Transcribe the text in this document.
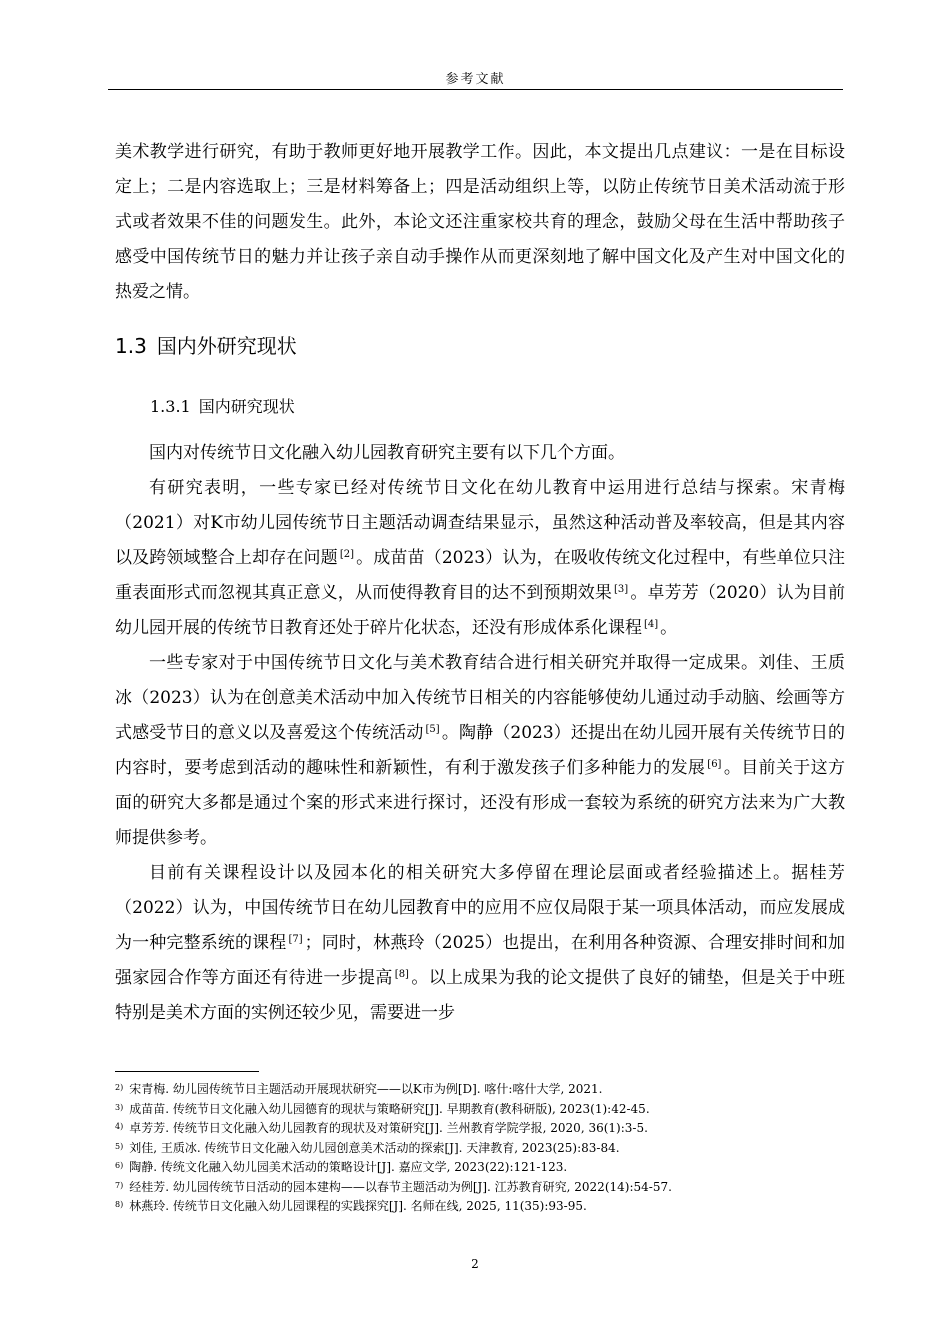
参考文献

美术教学进行研究，有助于教师更好地开展教学工作。因此，本文提出几点建议：一是在目标设定上；二是内容选取上；三是材料筹备上；四是活动组织上等，以防止传统节日美术活动流于形式或者效果不佳的问题发生。此外，本论文还注重家校共育的理念，鼓励父母在生活中帮助孩子感受中国传统节日的魅力并让孩子亲自动手操作从而更深刻地了解中国文化及产生对中国文化的热爱之情。

1.3 国内外研究现状
1.3.1 国内研究现状

国内对传统节日文化融入幼儿园教育研究主要有以下几个方面。

有研究表明，一些专家已经对传统节日文化在幼儿教育中运用进行总结与探索。宋青梅（2021）对K市幼儿园传统节日主题活动调查结果显示，虽然这种活动普及率较高，但是其内容以及跨领域整合上却存在问题 [2] 。成苗苗（2023）认为，在吸收传统文化过程中，有些单位只注重表面形式而忽视其真正意义，从而使得教育目的达不到预期效果 [3] 。卓芳芳（2020）认为目前幼儿园开展的传统节日教育还处于碎片化状态，还没有形成体系化课程 [4] 。

一些专家对于中国传统节日文化与美术教育结合进行相关研究并取得一定成果。刘佳、王质冰（2023）认为在创意美术活动中加入传统节日相关的内容能够使幼儿通过动手动脑、绘画等方式感受节日的意义以及喜爱这个传统活动 [5] 。陶静（2023）还提出在幼儿园开展有关传统节日的内容时，要考虑到活动的趣味性和新颖性，有利于激发孩子们多种能力的发展 [6] 。目前关于这方面的研究大多都是通过个案的形式来进行探讨，还没有形成一套较为系统的研究方法来为广大教师提供参考。

目前有关课程设计以及园本化的相关研究大多停留在理论层面或者经验描述上。据桂芳（2022）认为，中国传统节日在幼儿园教育中的应用不应仅局限于某一项具体活动，而应发展成为一种完整系统的课程 [7] ；同时，林燕玲（2025）也提出，在利用各种资源、合理安排时间和加强家园合作等方面还有待进一步提高 [8] 。以上成果为我的论文提供了良好的铺垫，但是关于中班特别是美术方面的实例还较少见，需要进一步

$^{2)}$ 宋青梅. 幼儿园传统节日主题活动开展现状研究——以K市为例[D]. 喀什:喀什大学, 2021.

$^{3)}$ 成苗苗. 传统节日文化融入幼儿园德育的现状与策略研究[J]. 早期教育(教科研版), 2023(1):42-45.

$^{4)}$ 卓芳芳. 传统节日文化融入幼儿园教育的现状及对策研究[J]. 兰州教育学院学报, 2020, 36(1):3-5.

$^{5)}$ 刘佳, 王质冰. 传统节日文化融入幼儿园创意美术活动的探索[J]. 天津教育, 2023(25):83-84.

$^{6)}$ 陶静. 传统文化融入幼儿园美术活动的策略设计[J]. 嘉应文学, 2023(22):121-123.

$^{7)}$ 经桂芳. 幼儿园传统节日活动的园本建构——以春节主题活动为例[J]. 江苏教育研究, 2022(14):54-57.

$^{8)}$ 林燕玲. 传统节日文化融入幼儿园课程的实践探究[J]. 名师在线, 2025, 11(35):93-95.

2
